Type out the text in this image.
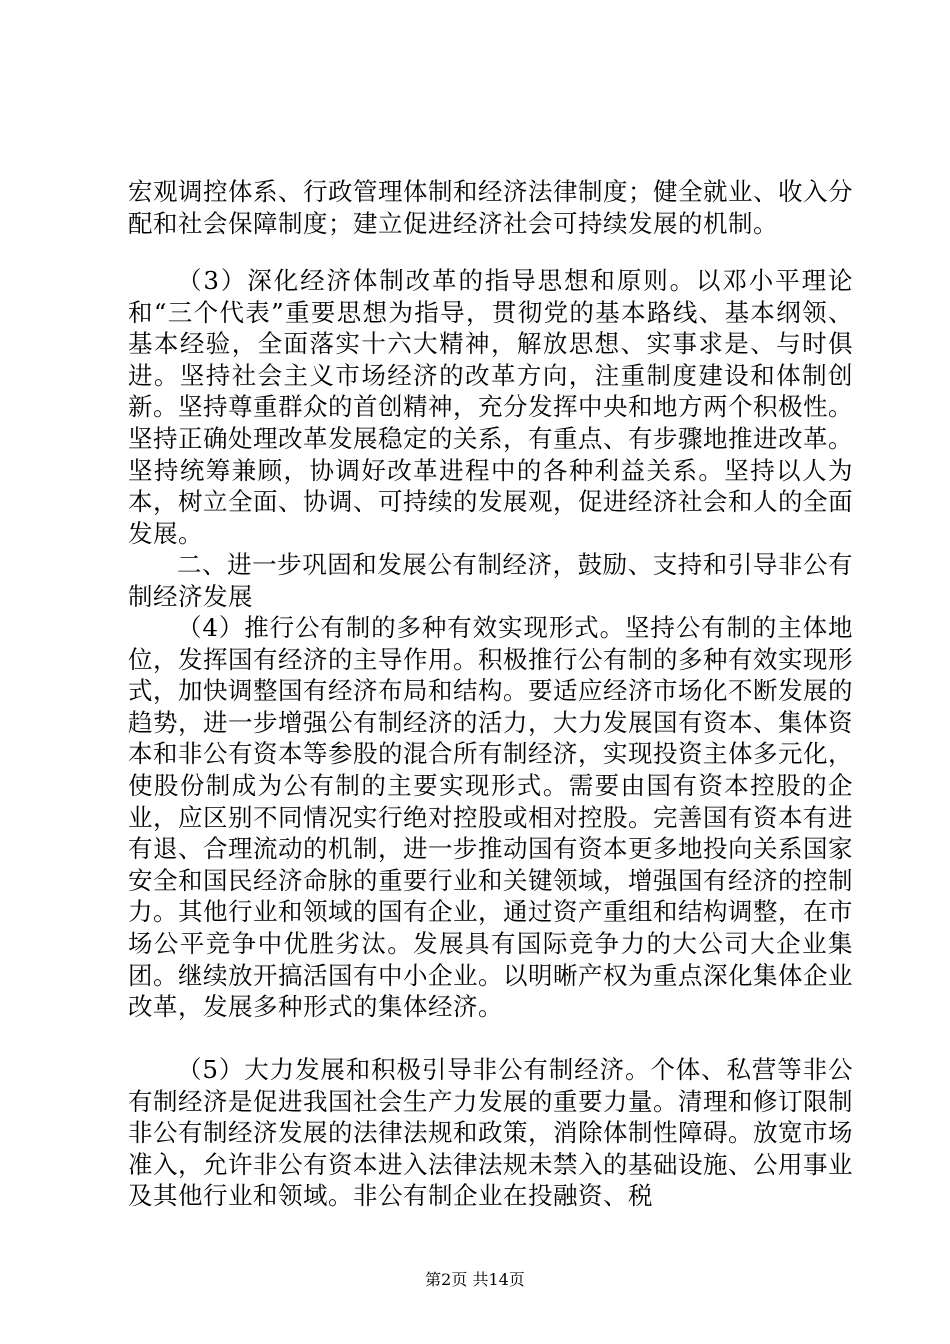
宏观调控体系、行政管理体制和经济法律制度；健全就业、收入分配和社会保障制度；建立促进经济社会可持续发展的机制。

（3）深化经济体制改革的指导思想和原则。以邓小平理论和“三个代表”重要思想为指导，贯彻党的基本路线、基本纲领、基本经验，全面落实十六大精神，解放思想、实事求是、与时俱进。坚持社会主义市场经济的改革方向，注重制度建设和体制创新。坚持尊重群众的首创精神，充分发挥中央和地方两个积极性。坚持正确处理改革发展稳定的关系，有重点、有步骤地推进改革。坚持统筹兼顾，协调好改革进程中的各种利益关系。坚持以人为本，树立全面、协调、可持续的发展观，促进经济社会和人的全面发展。

二、进一步巩固和发展公有制经济，鼓励、支持和引导非公有制经济发展

（4）推行公有制的多种有效实现形式。坚持公有制的主体地位，发挥国有经济的主导作用。积极推行公有制的多种有效实现形式，加快调整国有经济布局和结构。要适应经济市场化不断发展的趋势，进一步增强公有制经济的活力，大力发展国有资本、集体资本和非公有资本等参股的混合所有制经济，实现投资主体多元化，使股份制成为公有制的主要实现形式。需要由国有资本控股的企业，应区别不同情况实行绝对控股或相对控股。完善国有资本有进有退、合理流动的机制，进一步推动国有资本更多地投向关系国家安全和国民经济命脉的重要行业和关键领域，增强国有经济的控制力。其他行业和领域的国有企业，通过资产重组和结构调整，在市场公平竞争中优胜劣汰。发展具有国际竞争力的大公司大企业集团。继续放开搞活国有中小企业。以明晰产权为重点深化集体企业改革，发展多种形式的集体经济。

（5）大力发展和积极引导非公有制经济。个体、私营等非公有制经济是促进我国社会生产力发展的重要力量。清理和修订限制非公有制经济发展的法律法规和政策，消除体制性障碍。放宽市场准入，允许非公有资本进入法律法规未禁入的基础设施、公用事业及其他行业和领域。非公有制企业在投融资、税

第2页 共14页
